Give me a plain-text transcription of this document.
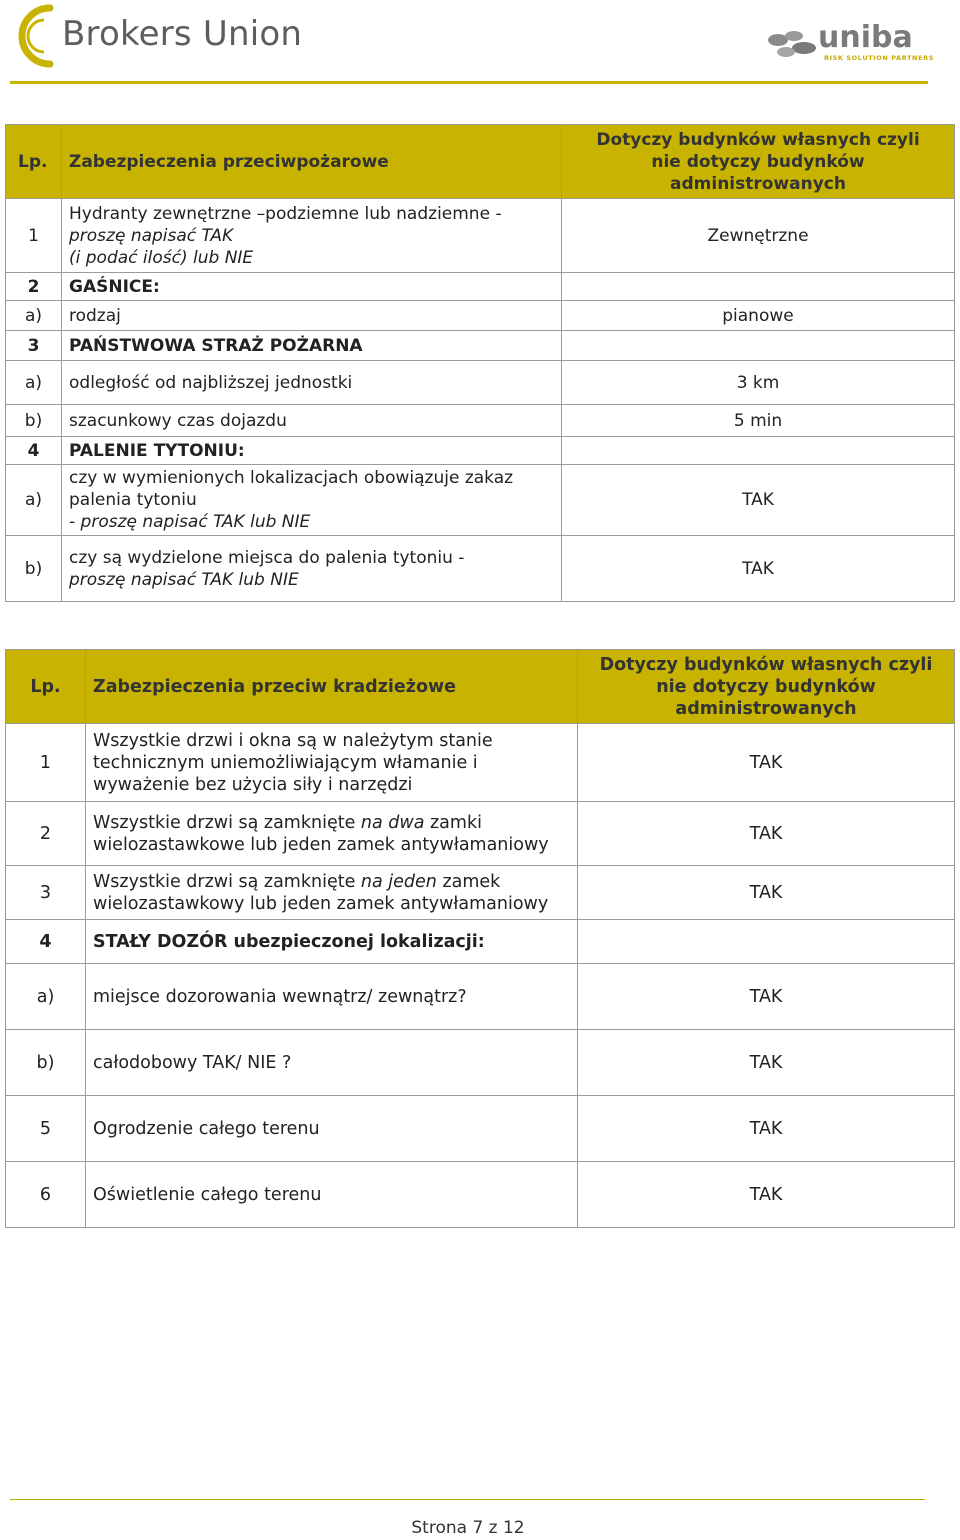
Brokers Union	uniba
RISK SOLUTION PARTNERS
Lp.	Zabezpieczenia przeciwpożarowe	Dotyczy budynków własnych czyli
nie dotyczy budynków
administrowanych

1	Hydranty zewnętrzne –podziemne lub nadziemne -
proszę napisać TAK
(i podać ilość) lub NIE	Zewnętrzne
2	GAŚNICE:	
a)	rodzaj	pianowe
3	PAŃSTWOWA STRAŻ POŻARNA	
a)	odległość od najbliższej jednostki	3 km
b)	szacunkowy czas dojazdu	5 min
4	PALENIE TYTONIU:	
a)	czy w wymienionych lokalizacjach obowiązuje zakaz
palenia tytoniu
- proszę napisać TAK lub NIE	TAK
b)	czy są wydzielone miejsca do palenia tytoniu -
proszę napisać TAK lub NIE	TAK
Lp.	Zabezpieczenia przeciw kradzieżowe	Dotyczy budynków własnych czyli
nie dotyczy budynków
administrowanych

1	Wszystkie drzwi i okna są w należytym stanie
technicznym uniemożliwiającym włamanie i
wyważenie bez użycia siły i narzędzi	TAK
2	Wszystkie drzwi są zamknięte na dwa zamki
wielozastawkowe lub jeden zamek antywłamaniowy	TAK
3	Wszystkie drzwi są zamknięte na jeden zamek
wielozastawkowy lub jeden zamek antywłamaniowy	TAK
4	STAŁY DOZÓR ubezpieczonej lokalizacji:	
a)	miejsce dozorowania wewnątrz/ zewnątrz?	TAK
b)	całodobowy TAK/ NIE ?	TAK
5	Ogrodzenie całego terenu	TAK
6	Oświetlenie całego terenu	TAK
Strona 7 z 12
